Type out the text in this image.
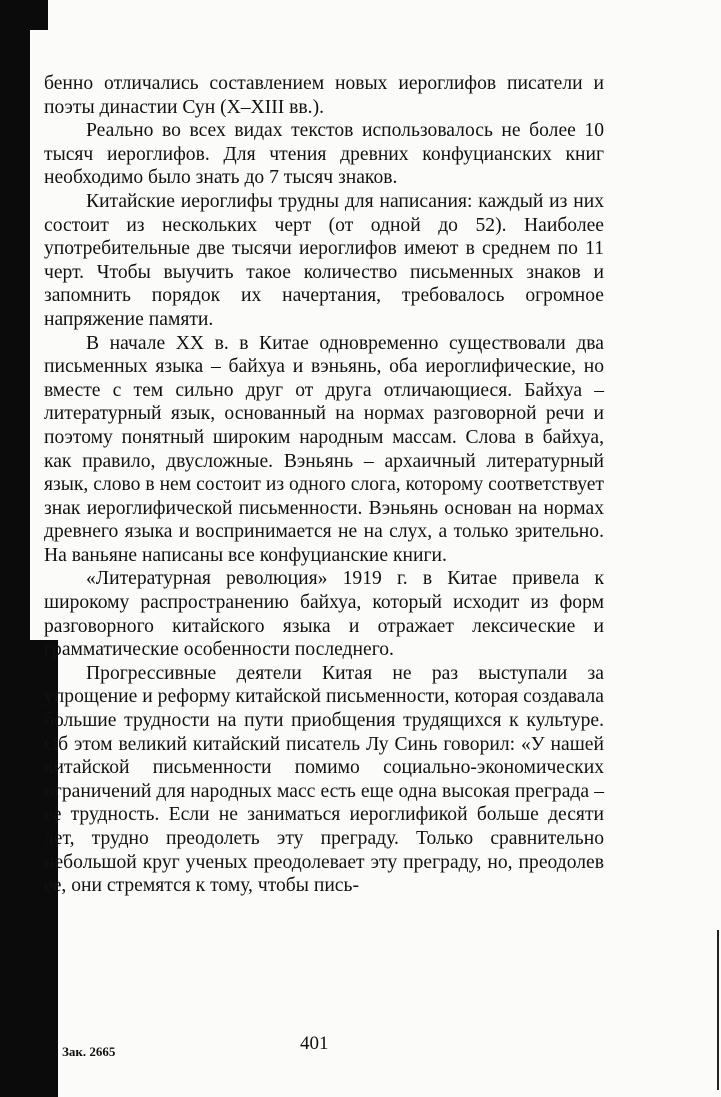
бенно отличались составлением новых иероглифов писатели и поэты династии Сун (X–XIII вв.).

Реально во всех видах текстов использовалось не более 10 тысяч иероглифов. Для чтения древних конфуцианских книг необходимо было знать до 7 тысяч знаков.

Китайские иероглифы трудны для написания: каждый из них состоит из нескольких черт (от одной до 52). Наиболее употребительные две тысячи иероглифов имеют в среднем по 11 черт. Чтобы выучить такое количество письменных знаков и запомнить порядок их начертания, требовалось огромное напряжение памяти.

В начале XX в. в Китае одновременно существовали два письменных языка – байхуа и вэньянь, оба иероглифические, но вместе с тем сильно друг от друга отличающиеся. Байхуа – литературный язык, основанный на нормах разговорной речи и поэтому понятный широким народным массам. Слова в байхуа, как правило, двусложные. Вэньянь – архаичный литературный язык, слово в нем состоит из одного слога, которому соответствует знак иероглифической письменности. Вэньянь основан на нормах древнего языка и воспринимается не на слух, а только зрительно. На ваньяне написаны все конфуцианские книги.

«Литературная революция» 1919 г. в Китае привела к широкому распространению байхуа, который исходит из форм разговорного китайского языка и отражает лексические и грамматические особенности последнего.

Прогрессивные деятели Китая не раз выступали за упрощение и реформу китайской письменности, которая создавала большие трудности на пути приобщения трудящихся к культуре. Об этом великий китайский писатель Лу Синь говорил: «У нашей китайской письменности помимо социально-экономических ограничений для народных масс есть еще одна высокая преграда – ее трудность. Если не заниматься иероглификой больше десяти лет, трудно преодолеть эту преграду. Только сравнительно небольшой круг ученых преодолевает эту преграду, но, преодолев ее, они стремятся к тому, чтобы пись-

Зак. 2665	401
